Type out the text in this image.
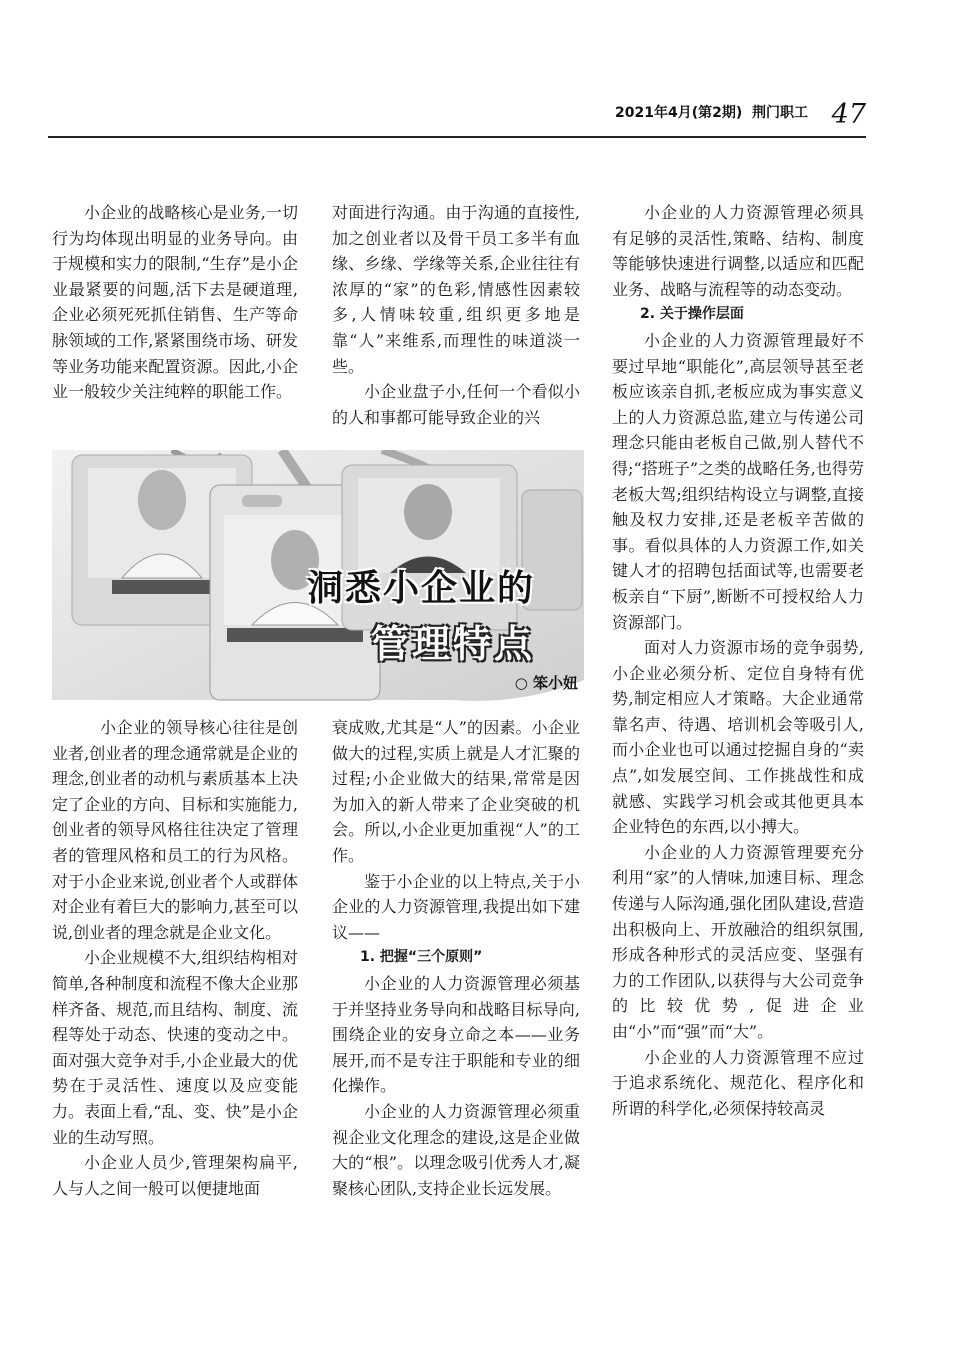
2021年4月(第2期) 荆门职工 47

小企业的战略核心是业务,一切行为均体现出明显的业务导向。由于规模和实力的限制,“生存”是小企业最紧要的问题,活下去是硬道理,企业必须死死抓住销售、生产等命脉领域的工作,紧紧围绕市场、研发等业务功能来配置资源。因此,小企业一般较少关注纯粹的职能工作。

对面进行沟通。由于沟通的直接性,加之创业者以及骨干员工多半有血缘、乡缘、学缘等关系,企业往往有浓厚的“家”的色彩,情感性因素较多,人情味较重,组织更多地是靠“人”来维系,而理性的味道淡一些。

小企业盘子小,任何一个看似小的人和事都可能导致企业的兴

洞悉小企业的
管理特点
○ 笨小妞

小企业的领导核心往往是创业者,创业者的理念通常就是企业的理念,创业者的动机与素质基本上决定了企业的方向、目标和实施能力,创业者的领导风格往往决定了管理者的管理风格和员工的行为风格。对于小企业来说,创业者个人或群体对企业有着巨大的影响力,甚至可以说,创业者的理念就是企业文化。

小企业规模不大,组织结构相对简单,各种制度和流程不像大企业那样齐备、规范,而且结构、制度、流程等处于动态、快速的变动之中。面对强大竞争对手,小企业最大的优势在于灵活性、速度以及应变能力。表面上看,“乱、变、快”是小企业的生动写照。

小企业人员少,管理架构扁平,人与人之间一般可以便捷地面

衰成败,尤其是“人”的因素。小企业做大的过程,实质上就是人才汇聚的过程;小企业做大的结果,常常是因为加入的新人带来了企业突破的机会。所以,小企业更加重视“人”的工作。

鉴于小企业的以上特点,关于小企业的人力资源管理,我提出如下建议——

1. 把握“三个原则”

小企业的人力资源管理必须基于并坚持业务导向和战略目标导向,围绕企业的安身立命之本——业务展开,而不是专注于职能和专业的细化操作。

小企业的人力资源管理必须重视企业文化理念的建设,这是企业做大的“根”。以理念吸引优秀人才,凝聚核心团队,支持企业长远发展。

小企业的人力资源管理必须具有足够的灵活性,策略、结构、制度等能够快速进行调整,以适应和匹配业务、战略与流程等的动态变动。

2. 关于操作层面

小企业的人力资源管理最好不要过早地“职能化”,高层领导甚至老板应该亲自抓,老板应成为事实意义上的人力资源总监,建立与传递公司理念只能由老板自己做,别人替代不得;“搭班子”之类的战略任务,也得劳老板大驾;组织结构设立与调整,直接触及权力安排,还是老板辛苦做的事。看似具体的人力资源工作,如关键人才的招聘包括面试等,也需要老板亲自“下厨”,断断不可授权给人力资源部门。

面对人力资源市场的竞争弱势,小企业必须分析、定位自身特有优势,制定相应人才策略。大企业通常靠名声、待遇、培训机会等吸引人,而小企业也可以通过挖掘自身的“卖点”,如发展空间、工作挑战性和成就感、实践学习机会或其他更具本企业特色的东西,以小搏大。

小企业的人力资源管理要充分利用“家”的人情味,加速目标、理念传递与人际沟通,强化团队建设,营造出积极向上、开放融洽的组织氛围,形成各种形式的灵活应变、坚强有力的工作团队,以获得与大公司竞争的比较优势,促进企业由“小”而“强”而“大”。

小企业的人力资源管理不应过于追求系统化、规范化、程序化和所谓的科学化,必须保持较高灵
